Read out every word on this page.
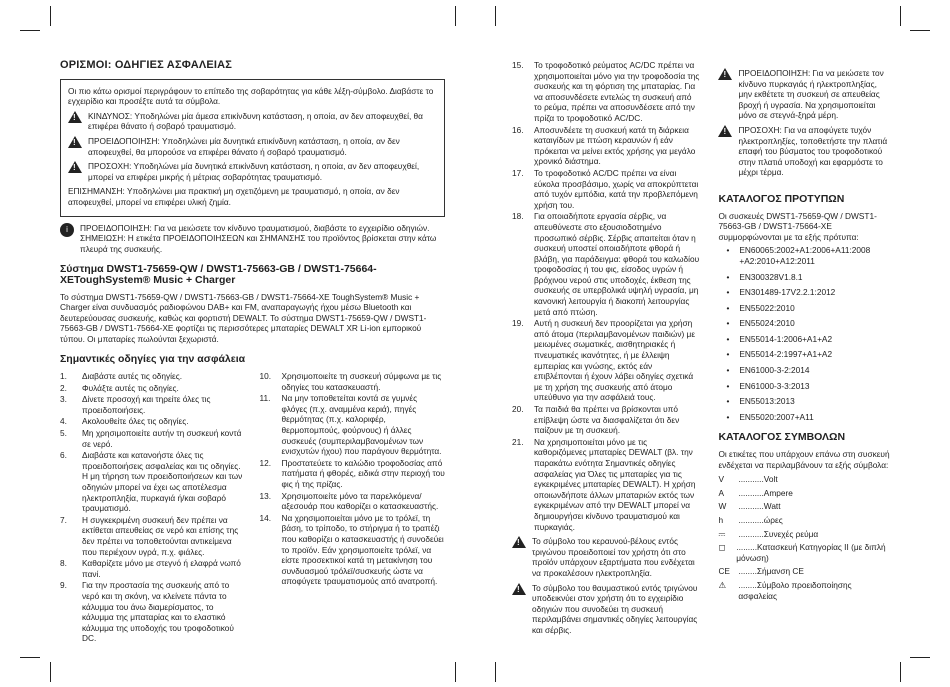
ΟΡΙΣΜΟΙ: ΟΔΗΓΙΕΣ ΑΣΦΑΛΕΙΑΣ
Οι πιο κάτω ορισμοί περιγράφουν το επίπεδο της σοβαρότητας για κάθε λέξη-σύμβολο. Διαβάστε το εγχειρίδιο και προσέξτε αυτά τα σύμβολα.
!
ΚΙΝΔΥΝΟΣ: Υποδηλώνει μία άμεσα επικίνδυνη κατάσταση, η οποία, αν δεν αποφευχθεί, θα επιφέρει θάνατο ή σοβαρό τραυματισμό.
!
ΠΡΟΕΙΔΟΠΟΙΗΣΗ: Υποδηλώνει μία δυνητικά επικίνδυνη κατάσταση, η οποία, αν δεν αποφευχθεί, θα μπορούσε να επιφέρει θάνατο ή σοβαρό τραυματισμό.
!
ΠΡΟΣΟΧΗ: Υποδηλώνει μία δυνητικά επικίνδυνη κατάσταση, η οποία, αν δεν αποφευχθεί, μπορεί να επιφέρει μικρής ή μέτριας σοβαρότητας τραυματισμό.
ΕΠΙΣΗΜΑΝΣΗ: Υποδηλώνει μια πρακτική μη σχετιζόμενη με τραυματισμό, η οποία, αν δεν αποφευχθεί, μπορεί να επιφέρει υλική ζημία.
i	ΠΡΟΕΙΔΟΠΟΙΗΣΗ: Για να μειώσετε τον κίνδυνο τραυματισμού, διαβάστε το εγχειρίδιο οδηγιών.
ΣΗΜΕΙΩΣΗ: Η ετικέτα ΠΡΟΕΙΔΟΠΟΙΗΣΕΩΝ και ΣΗΜΑΝΣΗΣ του προϊόντος βρίσκεται στην κάτω πλευρά της συσκευής.
Σύστημα DWST1-75659-QW / DWST1-75663-GB / DWST1-75664-XEToughSystem® Music + Charger
Το σύστημα DWST1-75659-QW / DWST1-75663-GB / DWST1-75664-XE ToughSystem® Music + Charger είναι συνδυασμός ραδιοφώνου DAB+ και FM, αναπαραγωγής ήχου μέσω Bluetooth και δευτερεύουσας συσκευής, καθώς και φορτιστή DEWALT. Το σύστημα DWST1-75659-QW / DWST1-75663-GB / DWST1-75664-XE φορτίζει τις περισσότερες μπαταρίες DEWALT XR Li-ion εμπορικού τύπου. Οι μπαταρίες πωλούνται ξεχωριστά.
Σημαντικές οδηγίες για την ασφάλεια
1.	Διαβάστε αυτές τις οδηγίες.
2.	Φυλάξτε αυτές τις οδηγίες.
3.	Δίνετε προσοχή και τηρείτε όλες τις προειδοποιήσεις.
4.	Ακολουθείτε όλες τις οδηγίες.
5.	Μη χρησιμοποιείτε αυτήν τη συσκευή κοντά σε νερό.
6.	Διαβάστε και κατανοήστε όλες τις προειδοποιήσεις ασφαλείας και τις οδηγίες. Η μη τήρηση των προειδοποιήσεων και των οδηγιών μπορεί να έχει ως αποτέλεσμα ηλεκτροπληξία, πυρκαγιά ή/και σοβαρό τραυματισμό.
7.	Η συγκεκριμένη συσκευή δεν πρέπει να εκτίθεται απευθείας σε νερό και επίσης της δεν πρέπει να τοποθετούνται αντικείμενα που περιέχουν υγρά, π.χ. φιάλες.
8.	Καθαρίζετε μόνο με στεγνό ή ελαφρά νωπό πανί.
9.	Για την προστασία της συσκευής από το νερό και τη σκόνη, να κλείνετε πάντα το κάλυμμα του άνω διαμερίσματος, το κάλυμμα της μπαταρίας και το ελαστικό κάλυμμα της υποδοχής του τροφοδοτικού DC.
10.	Χρησιμοποιείτε τη συσκευή σύμφωνα με τις οδηγίες του κατασκευαστή.
11.	Να μην τοποθετείται κοντά σε γυμνές φλόγες (π.χ. αναμμένα κεριά), πηγές θερμότητας (π.χ. καλοριφέρ, θερμοπομπούς, φούρνους) ή άλλες συσκευές (συμπεριλαμβανομένων των ενισχυτών ήχου) που παράγουν θερμότητα.
12.	Προστατεύετε το καλώδιο τροφοδοσίας από πατήματα ή φθορές, ειδικά στην περιοχή του φις ή της πρίζας.
13.	Χρησιμοποιείτε μόνο τα παρελκόμενα/αξεσουάρ που καθορίζει ο κατασκευαστής.
14.	Να χρησιμοποιείται μόνο με το τρόλεϊ, τη βάση, το τρίποδο, το στήριγμα ή το τραπέζι που καθορίζει ο κατασκευαστής ή συνοδεύει το προϊόν. Εάν χρησιμοποιείτε τρόλεϊ, να είστε προσεκτικοί κατά τη μετακίνηση του συνδυασμού τρόλεϊ/συσκευής ώστε να αποφύγετε τραυματισμούς από ανατροπή.
15.	Το τροφοδοτικό ρεύματος AC/DC πρέπει να χρησιμοποιείται μόνο για την τροφοδοσία της συσκευής και τη φόρτιση της μπαταρίας. Για να αποσυνδέσετε εντελώς τη συσκευή από το ρεύμα, πρέπει να αποσυνδέσετε από την πρίζα το τροφοδοτικό AC/DC.
16.	Αποσυνδέετε τη συσκευή κατά τη διάρκεια καταιγίδων με πτώση κεραυνών ή εάν πρόκειται να μείνει εκτός χρήσης για μεγάλο χρονικό διάστημα.
17.	Το τροφοδοτικό AC/DC πρέπει να είναι εύκολα προσβάσιμο, χωρίς να αποκρύπτεται από τυχόν εμπόδια, κατά την προβλεπόμενη χρήση του.
18.	Για οποιαδήποτε εργασία σέρβις, να απευθύνεστε στο εξουσιοδοτημένο προσωπικό σέρβις. Σέρβις απαιτείται όταν η συσκευή υποστεί οποιαδήποτε φθορά ή βλάβη, για παράδειγμα: φθορά του καλωδίου τροφοδοσίας ή του φις, είσοδος υγρών ή βρόχινου νερού στις υποδοχές, έκθεση της συσκευής σε υπερβολικά υψηλή υγρασία, μη κανονική λειτουργία ή διακοπή λειτουργίας μετά από πτώση.
19.	Αυτή η συσκευή δεν προορίζεται για χρήση από άτομα (περιλαμβανομένων παιδιών) με μειωμένες σωματικές, αισθητηριακές ή πνευματικές ικανότητες, ή με έλλειψη εμπειρίας και γνώσης, εκτός εάν επιβλέπονται ή έχουν λάβει οδηγίες σχετικά με τη χρήση της συσκευής από άτομο υπεύθυνο για την ασφάλειά τους.
20.	Τα παιδιά θα πρέπει να βρίσκονται υπό επίβλεψη ώστε να διασφαλίζεται ότι δεν παίζουν με τη συσκευή.
21.	Να χρησιμοποιείται μόνο με τις καθοριζόμενες μπαταρίες DEWALT (βλ. την παρακάτω ενότητα Σημαντικές οδηγίες ασφαλείας για Όλες τις μπαταρίες για τις εγκεκριμένες μπαταρίες DEWALT). Η χρήση οποιωνδήποτε άλλων μπαταριών εκτός των εγκεκριμένων από την DEWALT μπορεί να δημιουργήσει κίνδυνο τραυματισμού και πυρκαγιάς.
!
Το σύμβολο του κεραυνού-βέλους εντός τριγώνου προειδοποιεί τον χρήστη ότι στο προϊόν υπάρχουν εξαρτήματα που ενδέχεται να προκαλέσουν ηλεκτροπληξία.
!
Το σύμβολο του θαυμαστικού εντός τριγώνου υποδεικνύει στον χρήστη ότι το εγχειρίδιο οδηγιών που συνοδεύει τη συσκευή περιλαμβάνει σημαντικές οδηγίες λειτουργίας και σέρβις.
!
ΠΡΟΕΙΔΟΠΟΙΗΣΗ: Για να μειώσετε τον κίνδυνο πυρκαγιάς ή ηλεκτροπληξίας, μην εκθέτετε τη συσκευή σε απευθείας βροχή ή υγρασία. Να χρησιμοποιείται μόνο σε στεγνά-ξηρά μέρη.
!
ΠΡΟΣΟΧΗ: Για να αποφύγετε τυχόν ηλεκτροπληξίες, τοποθετήστε την πλατιά επαφή του βύσματος του τροφοδοτικού στην πλατιά υποδοχή και εφαρμόστε το μέχρι τέρμα.
ΚΑΤΑΛΟΓΟΣ ΠΡΟΤΥΠΩΝ
Οι συσκευές DWST1-75659-QW / DWST1-75663-GB / DWST1-75664-XE συμμορφώνονται με τα εξής πρότυπα:
• EN60065:2002+A1:2006+A11:2008 +A2:2010+A12:2011
• EN300328V1.8.1
• EN301489-17V2.2.1:2012
• EN55022:2010
• EN55024:2010
• EN55014-1:2006+A1+A2
• EN55014-2:1997+A1+A2
• EN61000-3-2:2014
• EN61000-3-3:2013
• EN55013:2013
• EN55020:2007+A11
ΚΑΤΑΛΟΓΟΣ ΣΥΜΒΟΛΩΝ
Οι ετικέτες που υπάρχουν επάνω στη συσκευή ενδέχεται να περιλαμβάνουν τα εξής σύμβολα:
V	...........Volt
A	...........Ampere
W	...........Watt
h	...........ώρες
⎓	...........Συνεχές ρεύμα
◻	.........Κατασκευή Κατηγορίας II (με διπλή μόνωση)
CE ........Σήμανση CE
⚠	........Σύμβολο προειδοποίησης ασφαλείας
